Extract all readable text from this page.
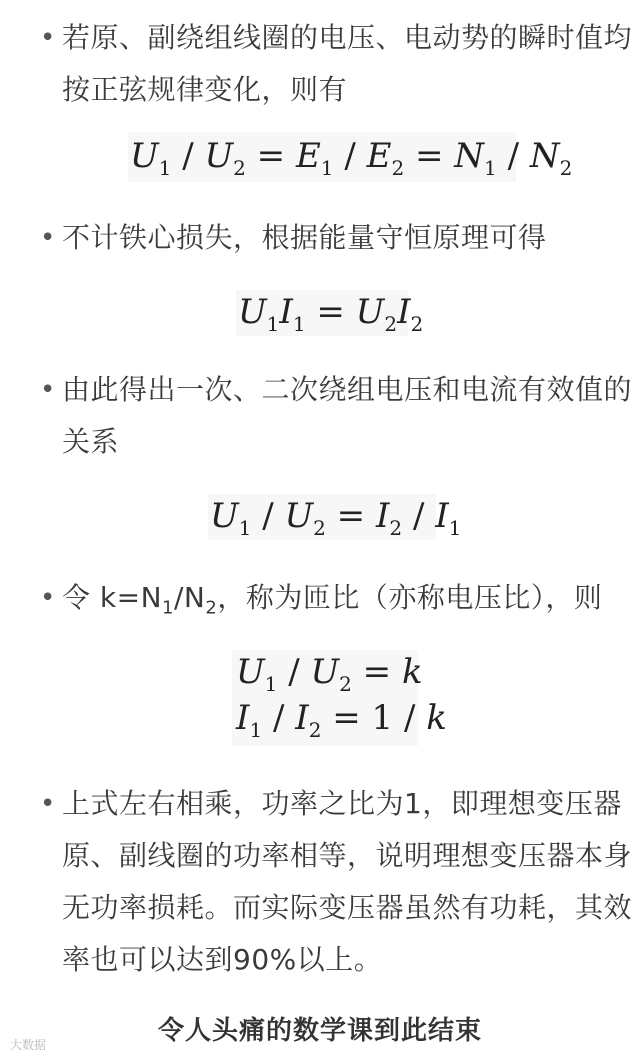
• 若原、副绕组线圈的电压、电动势的瞬时值均
按正弦规律变化，则有
$U_1 / U_2 = E_1 / E_2 = N_1 / N_2$
• 不计铁心损失，根据能量守恒原理可得
$U_1I_1 = U_2I_2$
• 由此得出一次、二次绕组电压和电流有效值的
关系
$U_1 / U_2 = I_2 / I_1$
• 令 $k=N_1/N_2$，称为匝比（亦称电压比），则
$U_1 / U_2 = k$
$I_1 / I_2 = 1 / k$
• 上式左右相乘，功率之比为1，即理想变压器
原、副线圈的功率相等，说明理想变压器本身
无功率损耗。而实际变压器虽然有功耗，其效
率也可以达到90%以上。
令人头痛的数学课到此结束
大数据
